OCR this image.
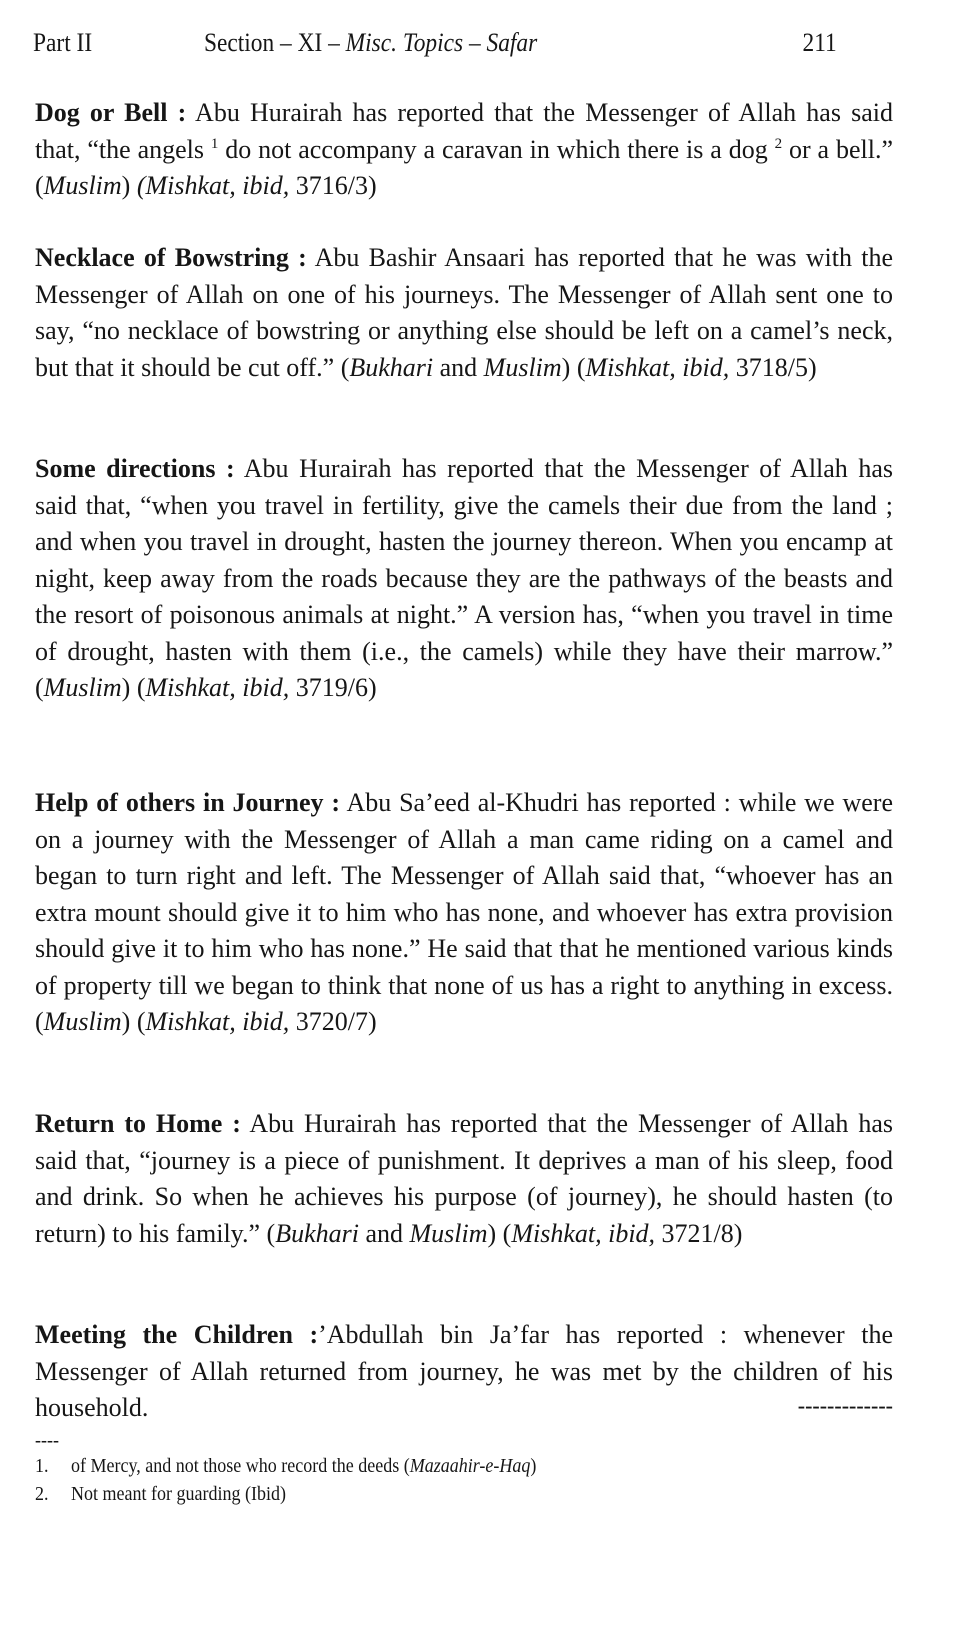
Part II	Section – XI – Misc. Topics – Safar	211

Dog or Bell : Abu Hurairah has reported that the Messenger of Allah has said that, “the angels $^1$ do not accompany a caravan in which there is a dog $^2$ or a bell.” (Muslim) (Mishkat, ibid, 3716/3)

Necklace of Bowstring : Abu Bashir Ansaari has reported that he was with the Messenger of Allah on one of his journeys. The Messenger of Allah sent one to say, “no necklace of bowstring or anything else should be left on a camel’s neck, but that it should be cut off.” (Bukhari and Muslim) (Mishkat, ibid, 3718/5)

Some directions : Abu Hurairah has reported that the Messenger of Allah has said that, “when you travel in fertility, give the camels their due from the land ; and when you travel in drought, hasten the journey thereon. When you encamp at night, keep away from the roads because they are the pathways of the beasts and the resort of poisonous animals at night.” A version has, “when you travel in time of drought, hasten with them (i.e., the camels) while they have their marrow.” (Muslim) (Mishkat, ibid, 3719/6)

Help of others in Journey : Abu Sa’eed al-Khudri has reported : while we were on a journey with the Messenger of Allah a man came riding on a camel and began to turn right and left. The Messenger of Allah said that, “whoever has an extra mount should give it to him who has none, and whoever has extra provision should give it to him who has none.” He said that that he mentioned various kinds of property till we began to think that none of us has a right to anything in excess. (Muslim) (Mishkat, ibid, 3720/7)

Return to Home : Abu Hurairah has reported that the Messenger of Allah has said that, “journey is a piece of punishment. It deprives a man of his sleep, food and drink. So when he achieves his purpose (of journey), he should hasten (to return) to his family.” (Bukhari and Muslim) (Mishkat, ibid, 3721/8)

Meeting the Children :’Abdullah bin Ja’far has reported : whenever the Messenger of Allah returned from journey, he was met by the children of his household.	-------------
----
1.	of Mercy, and not those who record the deeds (Mazaahir-e-Haq)
2.	Not meant for guarding (Ibid)
